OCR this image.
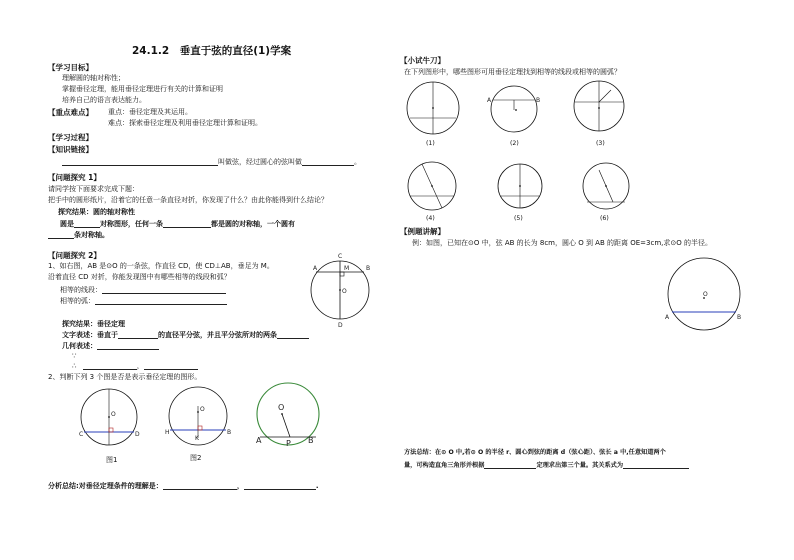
24.1.2　垂直于弦的直径(1)学案
【学习目标】
理解圆的轴对称性；
掌握垂径定理，能用垂径定理进行有关的计算和证明
培养自己的语言表达能力。
【重点难点】 重点：垂径定理及其运用。
难点：探索垂径定理及利用垂径定理计算和证明。
【学习过程】
【知识链接】
叫做弦，经过圆心的弦叫做	。
【问题探究 1】
请同学按下面要求完成下题：
把手中的圆形纸片，沿着它的任意一条直径对折，你发现了什么？由此你能得到什么结论？
探究结果：圆的轴对称性
圆是	对称图形，任何一条	都是圆的对称轴，一个圆有
条对称轴。
【问题探究 2】
1、如右图，AB 是⊙O 的一条弦，作直径 CD，使 CD⊥AB，垂足为 M。
沿着直径 CD 对折，你能发现图中有哪些相等的线段和弧？
相等的线段：
相等的弧：
探究结果：垂径定理
文字表述：垂直于	的直径平分弦，并且平分弦所对的两条
几何表述：
∵
∴	，
2、判断下列 3 个图是否是表示垂径定理的图形。
图1	图2
分析总结:对垂径定理条件的理解是：	，	.
A	B
C
D
M
O
C	D
O
H	B
K
O	O
A	P B
【小试牛刀】
在下列图形中，哪些图形可用垂径定理找到相等的线段或相等的圆弧？
A	B
(1)	(2)	(3)
(4)	(5)	(6)
【例题讲解】
例：如图，已知在⊙O 中，弦 AB 的长为 8cm，圆心 O 到 AB 的距离 OE=3cm,求⊙O 的半径。
O
A	B
方法总结：在⊙ O 中,若⊙ O 的半径 r、圆心到弦的距离 d（弦心距）、弦长 a 中,任意知道两个
量，可构造直角三角形并根据	定理求出第三个量。其关系式为
